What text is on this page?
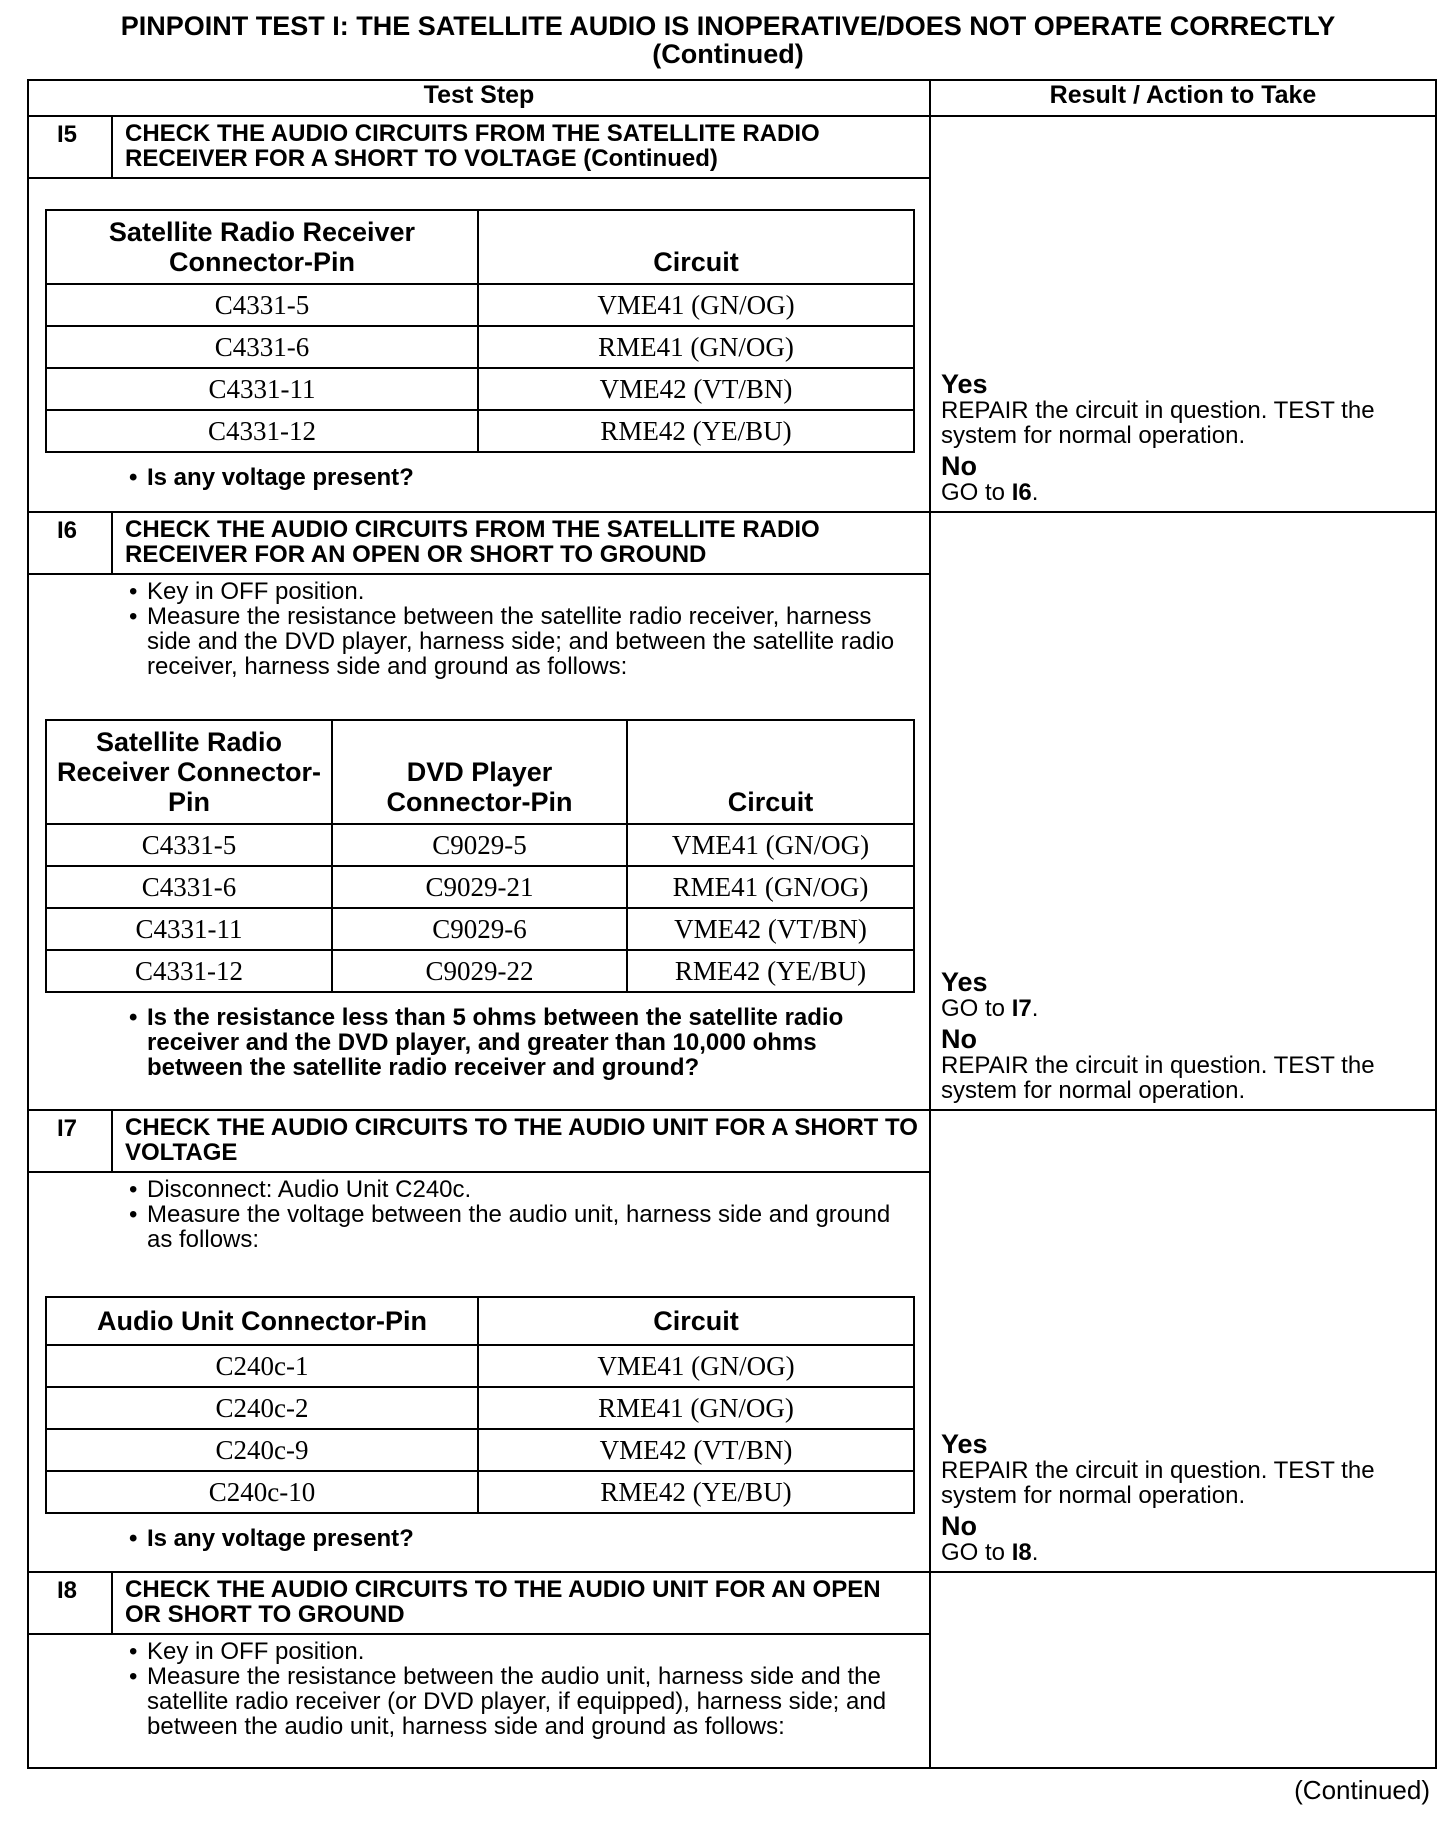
PINPOINT TEST I: THE SATELLITE AUDIO IS INOPERATIVE/DOES NOT OPERATE CORRECTLY
(Continued)
Test Step	Result / Action to Take

I5	CHECK THE AUDIO CIRCUITS FROM THE SATELLITE RADIO RECEIVER FOR A SHORT TO VOLTAGE (Continued)
Satellite Radio Receiver Connector-Pin	Circuit
C4331-5	VME41 (GN/OG)
C4331-6	RME41 (GN/OG)
C4331-11	VME42 (VT/BN)
C4331-12	RME42 (YE/BU)
• Is any voltage present?

Yes
REPAIR the circuit in question. TEST the system for normal operation.
No
GO to I6.

I6	CHECK THE AUDIO CIRCUITS FROM THE SATELLITE RADIO RECEIVER FOR AN OPEN OR SHORT TO GROUND
• Key in OFF position.
• Measure the resistance between the satellite radio receiver, harness side and the DVD player, harness side; and between the satellite radio receiver, harness side and ground as follows:
Satellite Radio Receiver Connector-Pin	DVD Player Connector-Pin	Circuit
C4331-5	C9029-5	VME41 (GN/OG)
C4331-6	C9029-21	RME41 (GN/OG)
C4331-11	C9029-6	VME42 (VT/BN)
C4331-12	C9029-22	RME42 (YE/BU)
• Is the resistance less than 5 ohms between the satellite radio receiver and the DVD player, and greater than 10,000 ohms between the satellite radio receiver and ground?

Yes
GO to I7.
No
REPAIR the circuit in question. TEST the system for normal operation.

I7	CHECK THE AUDIO CIRCUITS TO THE AUDIO UNIT FOR A SHORT TO VOLTAGE
• Disconnect: Audio Unit C240c.
• Measure the voltage between the audio unit, harness side and ground as follows:
Audio Unit Connector-Pin	Circuit
C240c-1	VME41 (GN/OG)
C240c-2	RME41 (GN/OG)
C240c-9	VME42 (VT/BN)
C240c-10	RME42 (YE/BU)
• Is any voltage present?

Yes
REPAIR the circuit in question. TEST the system for normal operation.
No
GO to I8.

I8	CHECK THE AUDIO CIRCUITS TO THE AUDIO UNIT FOR AN OPEN OR SHORT TO GROUND
• Key in OFF position.
• Measure the resistance between the audio unit, harness side and the satellite radio receiver (or DVD player, if equipped), harness side; and between the audio unit, harness side and ground as follows:

(Continued)
